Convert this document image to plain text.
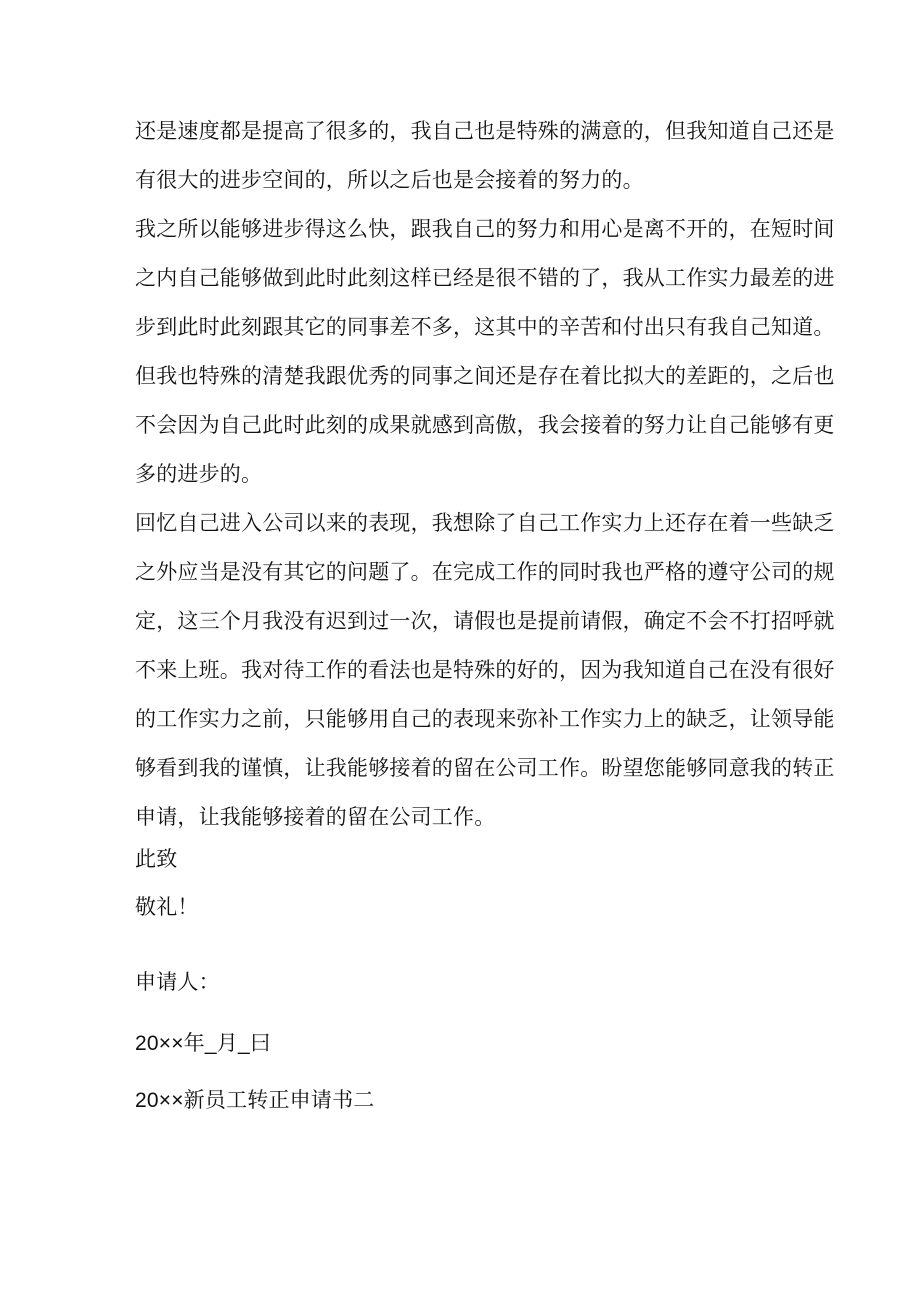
还是速度都是提高了很多的，我自己也是特殊的满意的，但我知道自己还是
有很大的进步空间的，所以之后也是会接着的努力的。
我之所以能够进步得这么快，跟我自己的努力和用心是离不开的，在短时间
之内自己能够做到此时此刻这样已经是很不错的了，我从工作实力最差的进
步到此时此刻跟其它的同事差不多，这其中的辛苦和付出只有我自己知道。
但我也特殊的清楚我跟优秀的同事之间还是存在着比拟大的差距的，之后也
不会因为自己此时此刻的成果就感到高傲，我会接着的努力让自己能够有更
多的进步的。
回忆自己进入公司以来的表现，我想除了自己工作实力上还存在着一些缺乏
之外应当是没有其它的问题了。在完成工作的同时我也严格的遵守公司的规
定，这三个月我没有迟到过一次，请假也是提前请假，确定不会不打招呼就
不来上班。我对待工作的看法也是特殊的好的，因为我知道自己在没有很好
的工作实力之前，只能够用自己的表现来弥补工作实力上的缺乏，让领导能
够看到我的谨慎，让我能够接着的留在公司工作。盼望您能够同意我的转正
申请，让我能够接着的留在公司工作。
此致
敬礼！
申请人：
20××年_月_曰
20××新员工转正申请书二
